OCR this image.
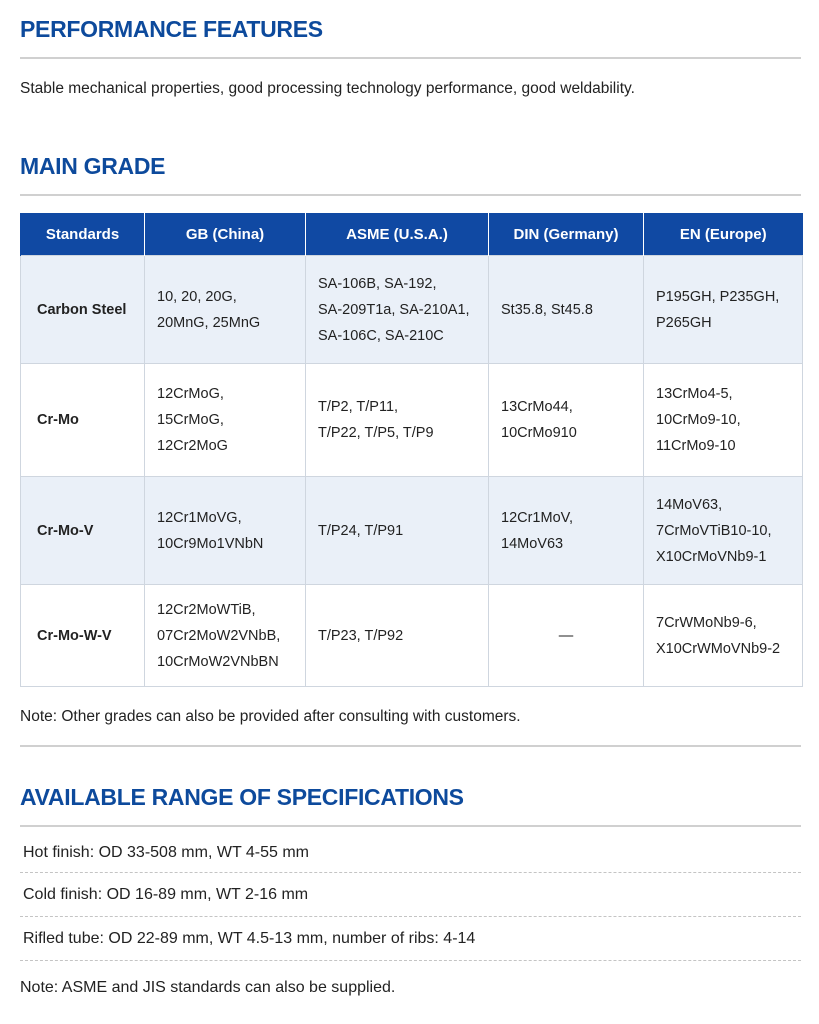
PERFORMANCE FEATURES

Stable mechanical properties, good processing technology performance, good weldability.

MAIN GRADE
Standards	GB (China)	ASME (U.S.A.)	DIN (Germany)	EN (Europe)
Carbon Steel	10, 20, 20G,
20MnG, 25MnG	SA-106B, SA-192,
SA-209T1a, SA-210A1,
SA-106C, SA-210C	St35.8, St45.8	P195GH, P235GH,
P265GH

Cr-Mo	12CrMoG, 15CrMoG,
12Cr2MoG	T/P2, T/P11,
T/P22, T/P5, T/P9	13CrMo44,
10CrMo910	13CrMo4-5,
10CrMo9-10,
11CrMo9-10

Cr-Mo-V	12Cr1MoVG,
10Cr9Mo1VNbN	T/P24, T/P91	12Cr1MoV,
14MoV63	14MoV63,
7CrMoVTiB10-10,
X10CrMoVNb9-1

Cr-Mo-W-V	12Cr2MoWTiB,
07Cr2MoW2VNbB,
10CrMoW2VNbBN	T/P23, T/P92	—	7CrWMoNb9-6,
X10CrWMoVNb9-2

Note: Other grades can also be provided after consulting with customers.

AVAILABLE RANGE OF SPECIFICATIONS

Hot finish: OD 33-508 mm, WT 4-55 mm

Cold finish: OD 16-89 mm, WT 2-16 mm

Rifled tube: OD 22-89 mm, WT 4.5-13 mm, number of ribs: 4-14

Note: ASME and JIS standards can also be supplied.
